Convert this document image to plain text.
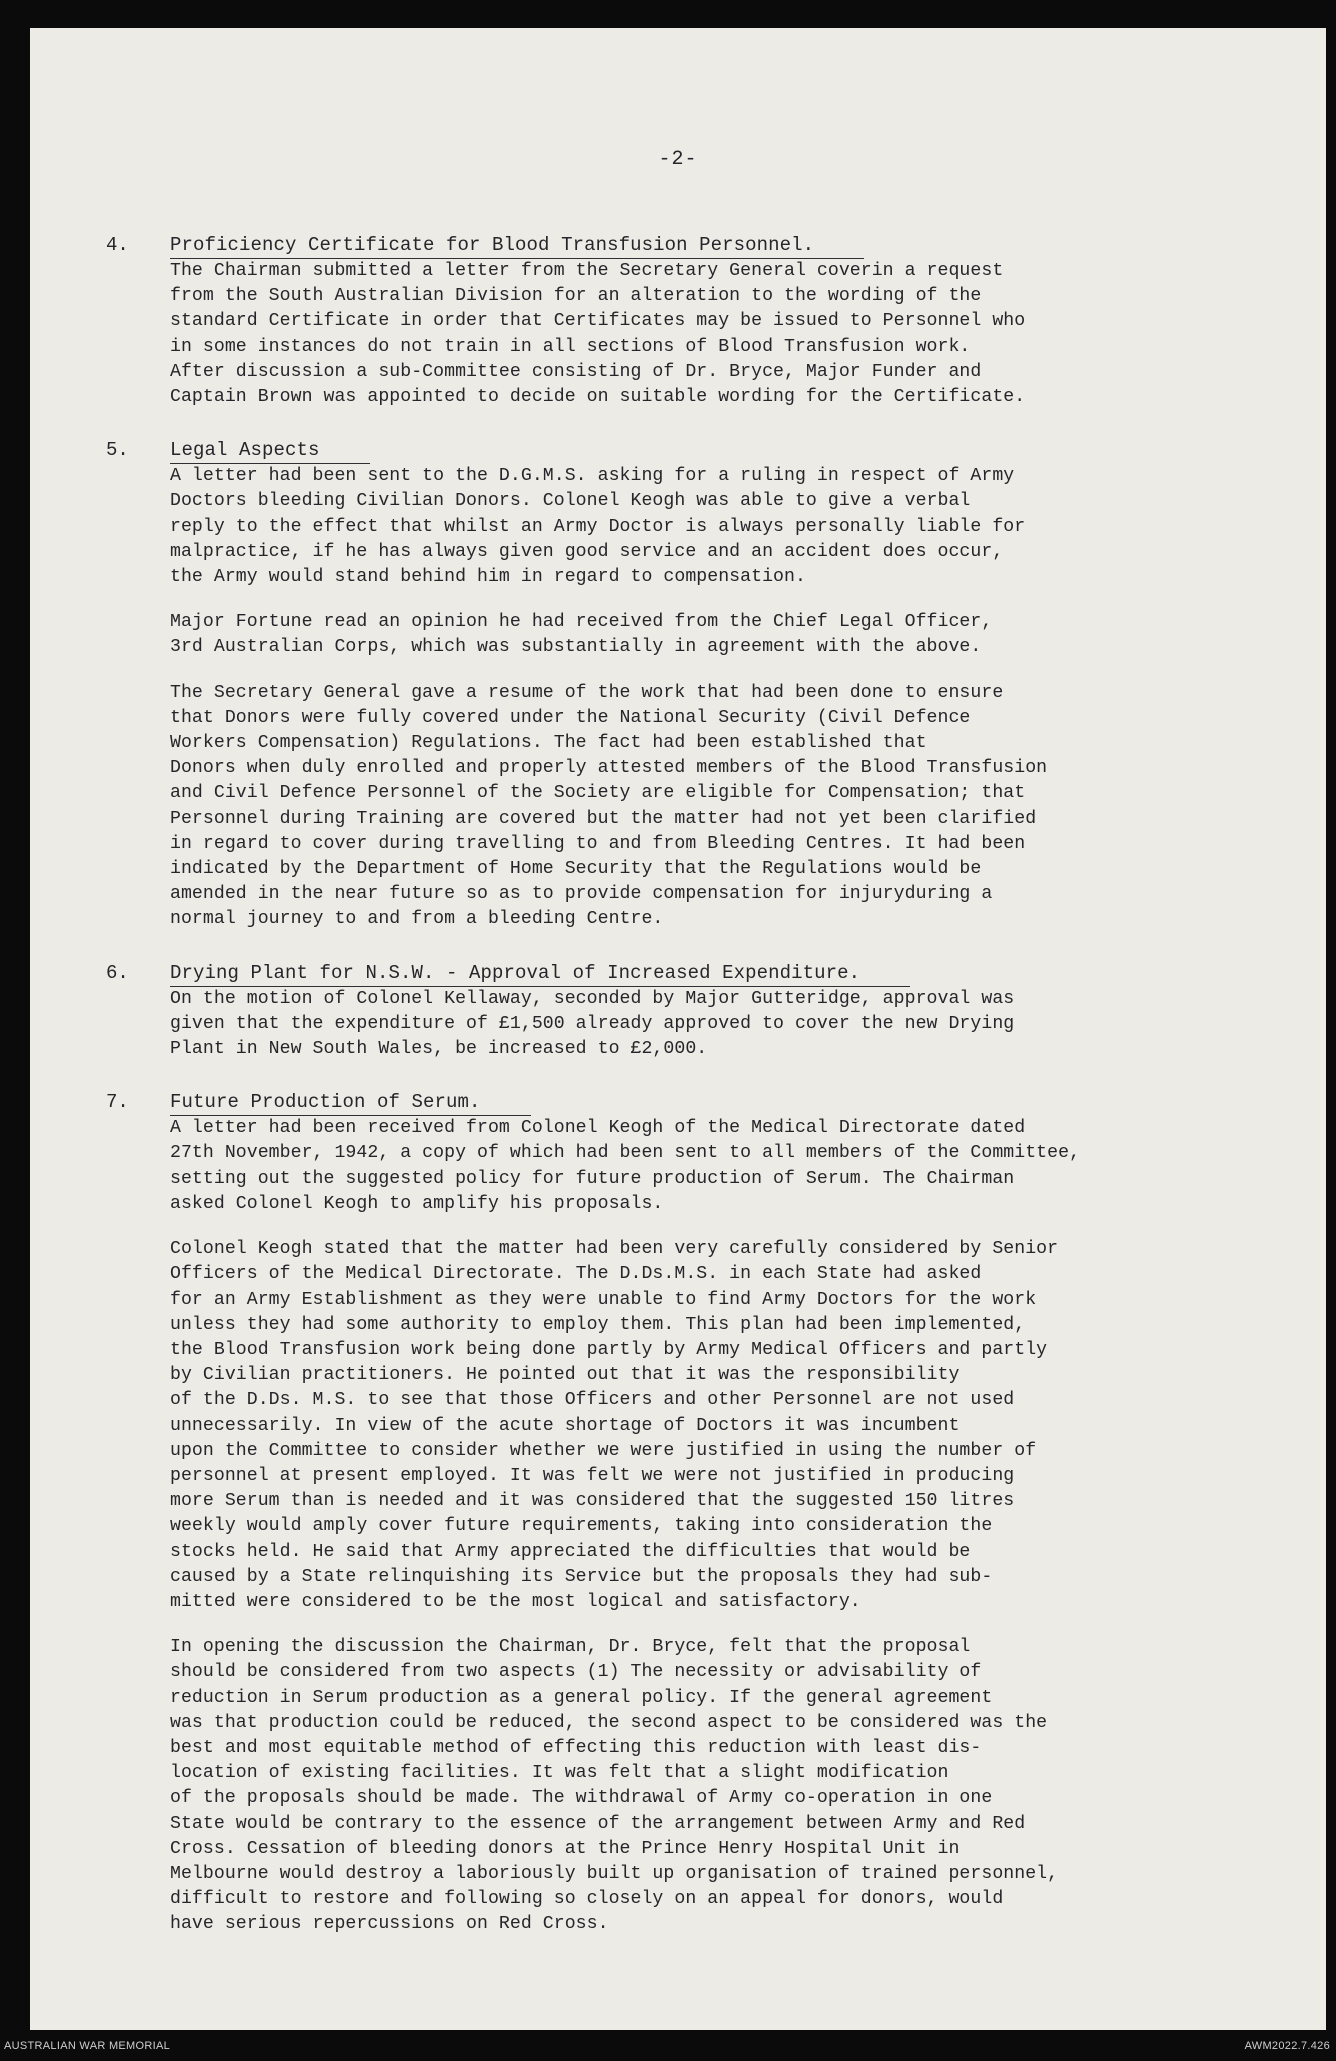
-2-
4. Proficiency Certificate for Blood Transfusion Personnel.

The Chairman submitted a letter from the Secretary General coverin a request
from the South Australian Division for an alteration to the wording of the
standard Certificate in order that Certificates may be issued to Personnel who
in some instances do not train in all sections of Blood Transfusion work.
After discussion a sub-Committee consisting of Dr. Bryce, Major Funder and
Captain Brown was appointed to decide on suitable wording for the Certificate.

5. Legal Aspects

A letter had been sent to the D.G.M.S. asking for a ruling in respect of Army
Doctors bleeding Civilian Donors. Colonel Keogh was able to give a verbal
reply to the effect that whilst an Army Doctor is always personally liable for
malpractice, if he has always given good service and an accident does occur,
the Army would stand behind him in regard to compensation.

Major Fortune read an opinion he had received from the Chief Legal Officer,
3rd Australian Corps, which was substantially in agreement with the above.

The Secretary General gave a resume of the work that had been done to ensure
that Donors were fully covered under the National Security (Civil Defence
Workers Compensation) Regulations. The fact had been established that
Donors when duly enrolled and properly attested members of the Blood Transfusion
and Civil Defence Personnel of the Society are eligible for Compensation; that
Personnel during Training are covered but the matter had not yet been clarified
in regard to cover during travelling to and from Bleeding Centres. It had been
indicated by the Department of Home Security that the Regulations would be
amended in the near future so as to provide compensation for injuryduring a
normal journey to and from a bleeding Centre.

6. Drying Plant for N.S.W. - Approval of Increased Expenditure.

On the motion of Colonel Kellaway, seconded by Major Gutteridge, approval was
given that the expenditure of £1,500 already approved to cover the new Drying
Plant in New South Wales, be increased to £2,000.

7. Future Production of Serum.

A letter had been received from Colonel Keogh of the Medical Directorate dated
27th November, 1942, a copy of which had been sent to all members of the Committee,
setting out the suggested policy for future production of Serum. The Chairman
asked Colonel Keogh to amplify his proposals.

Colonel Keogh stated that the matter had been very carefully considered by Senior
Officers of the Medical Directorate. The D.Ds.M.S. in each State had asked
for an Army Establishment as they were unable to find Army Doctors for the work
unless they had some authority to employ them. This plan had been implemented,
the Blood Transfusion work being done partly by Army Medical Officers and partly
by Civilian practitioners. He pointed out that it was the responsibility
of the D.Ds. M.S. to see that those Officers and other Personnel are not used
unnecessarily. In view of the acute shortage of Doctors it was incumbent
upon the Committee to consider whether we were justified in using the number of
personnel at present employed. It was felt we were not justified in producing
more Serum than is needed and it was considered that the suggested 150 litres
weekly would amply cover future requirements, taking into consideration the
stocks held. He said that Army appreciated the difficulties that would be
caused by a State relinquishing its Service but the proposals they had sub-
mitted were considered to be the most logical and satisfactory.

In opening the discussion the Chairman, Dr. Bryce, felt that the proposal
should be considered from two aspects (1) The necessity or advisability of
reduction in Serum production as a general policy. If the general agreement
was that production could be reduced, the second aspect to be considered was the
best and most equitable method of effecting this reduction with least dis-
location of existing facilities. It was felt that a slight modification
of the proposals should be made. The withdrawal of Army co-operation in one
State would be contrary to the essence of the arrangement between Army and Red
Cross. Cessation of bleeding donors at the Prince Henry Hospital Unit in
Melbourne would destroy a laboriously built up organisation of trained personnel,
difficult to restore and following so closely on an appeal for donors, would
have serious repercussions on Red Cross.

AUSTRALIAN WAR MEMORIAL	AWM2022.7.426
